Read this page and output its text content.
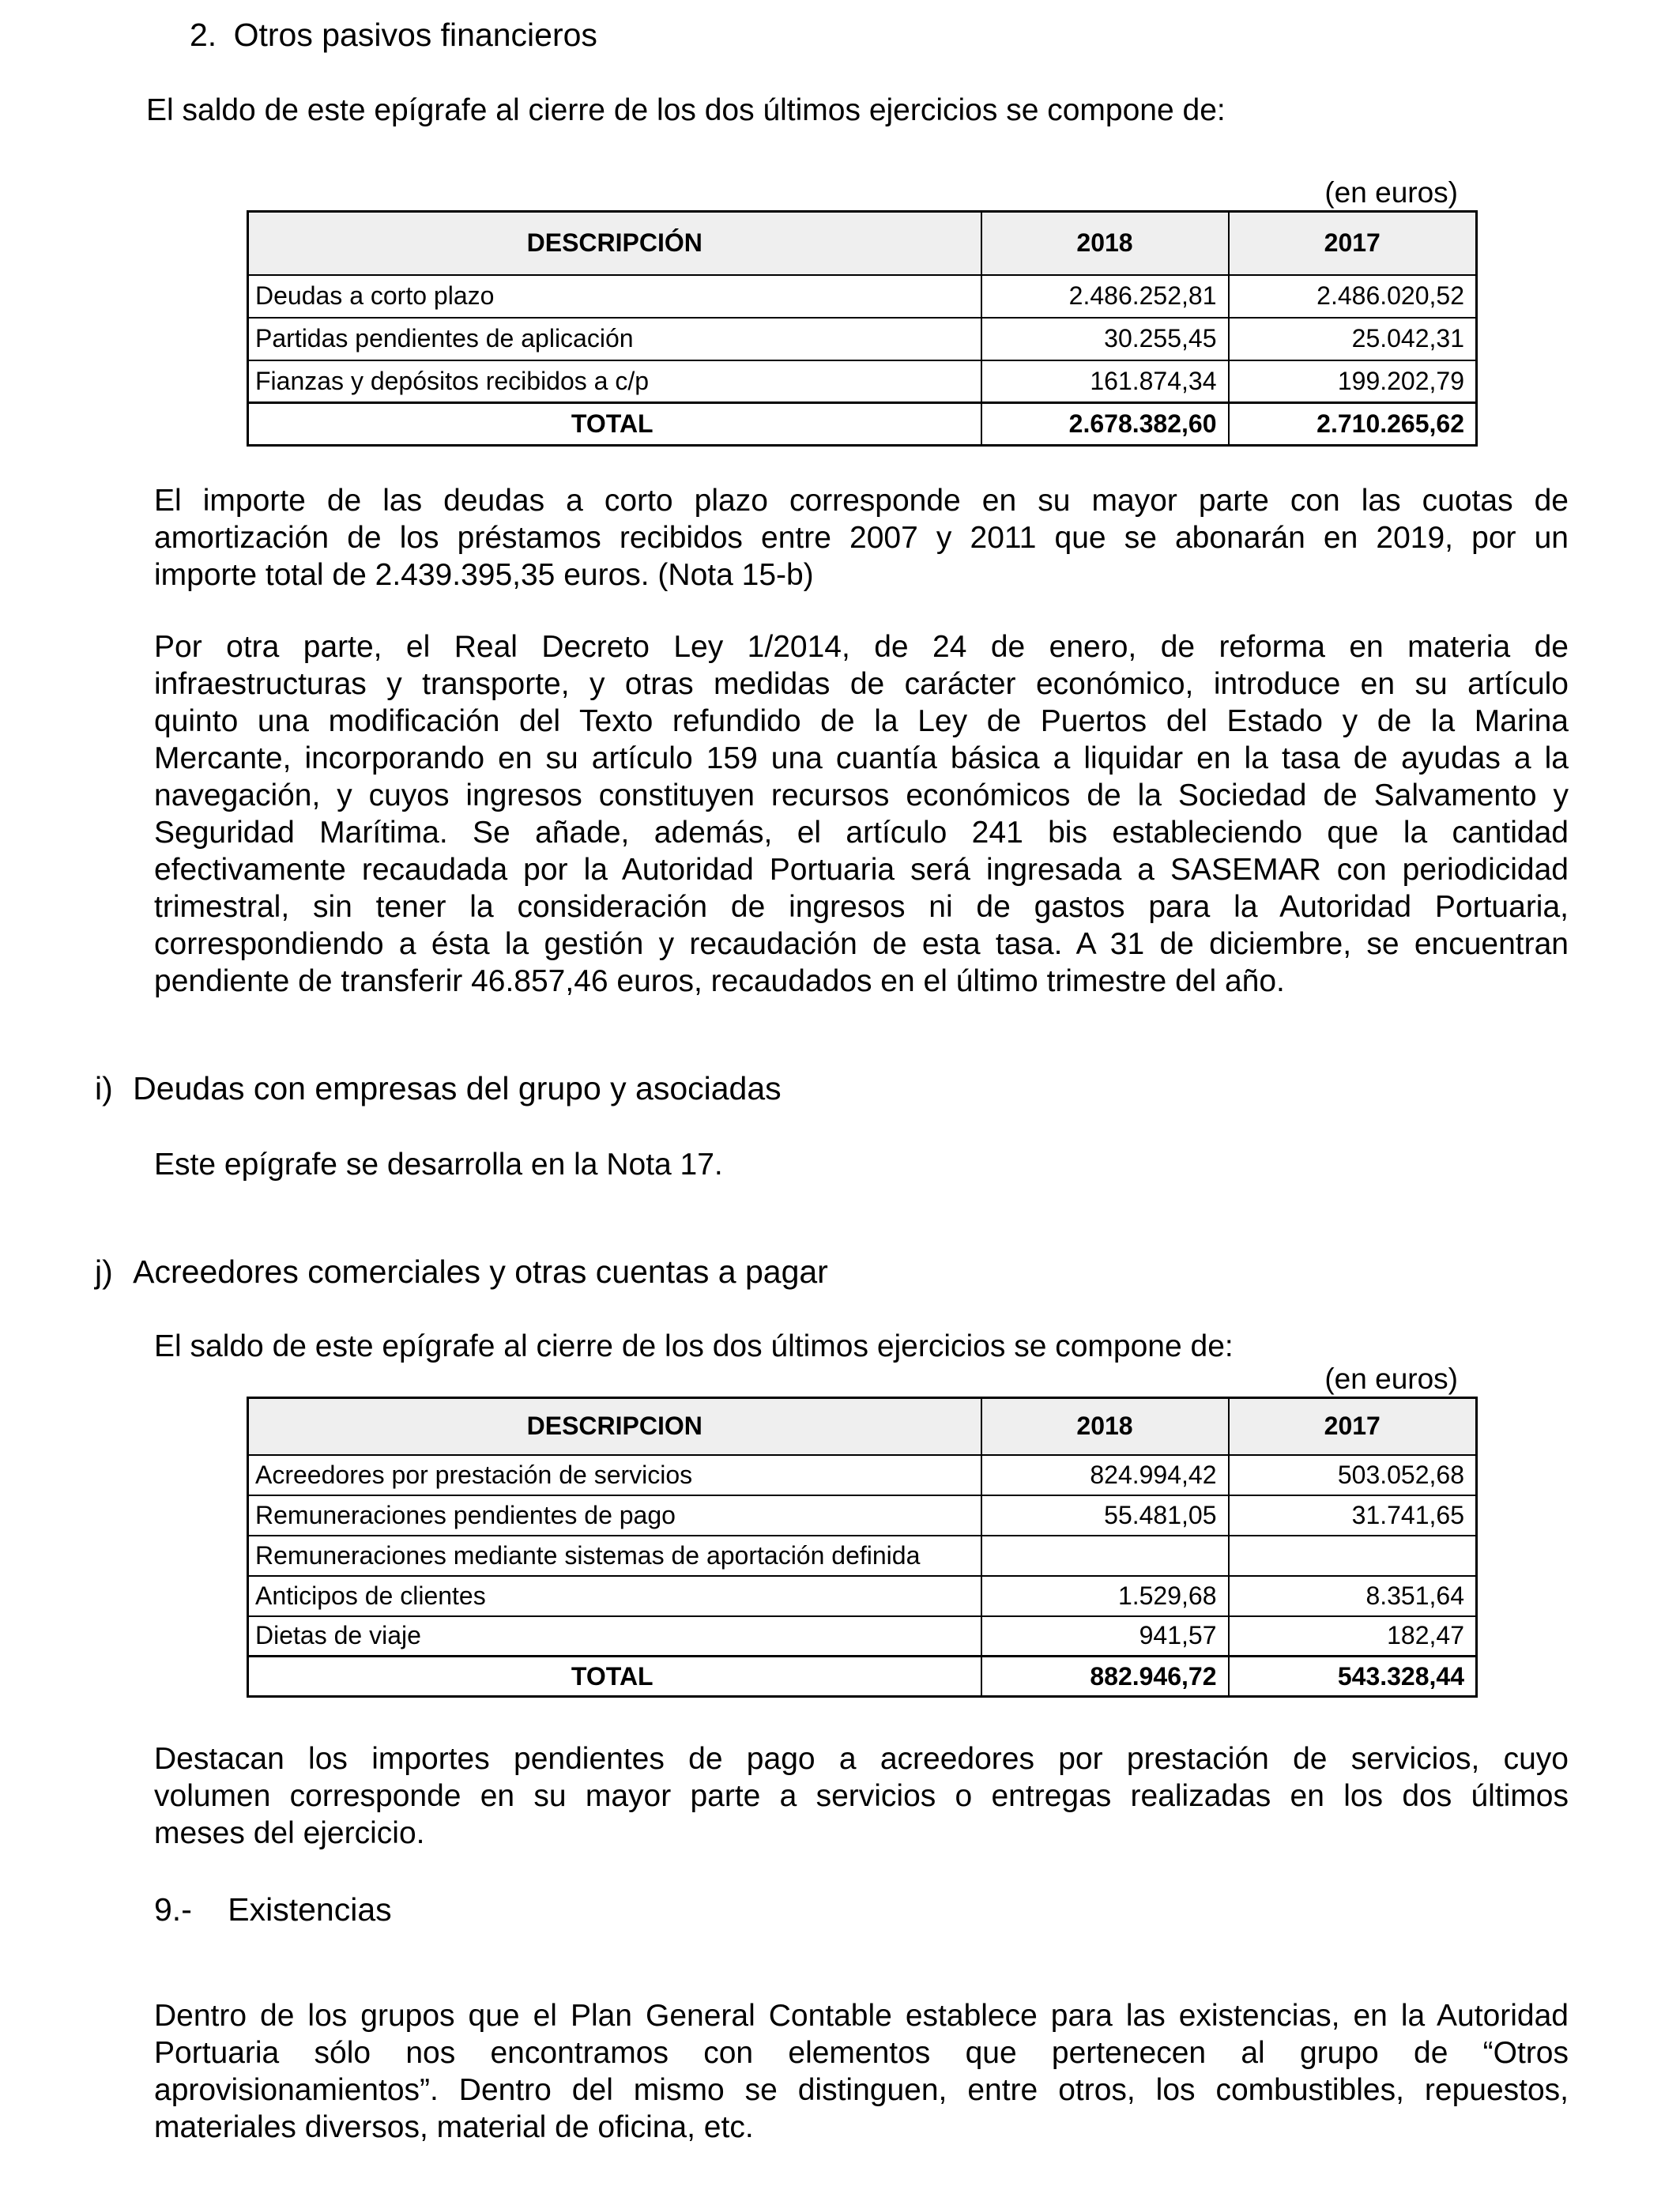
2. Otros pasivos financieros
El saldo de este epígrafe al cierre de los dos últimos ejercicios se compone de:
(en euros)
DESCRIPCIÓN	2018	2017
Deudas a corto plazo	2.486.252,81	2.486.020,52
Partidas pendientes de aplicación	30.255,45	25.042,31
Fianzas y depósitos recibidos a c/p	161.874,34	199.202,79
TOTAL	2.678.382,60	2.710.265,62
El importe de las deudas a corto plazo corresponde en su mayor parte con las cuotas de
amortización de los préstamos recibidos entre 2007 y 2011 que se abonarán en 2019, por un
importe total de 2.439.395,35 euros. (Nota 15-b)
Por otra parte, el Real Decreto Ley 1/2014, de 24 de enero, de reforma en materia de
infraestructuras y transporte, y otras medidas de carácter económico, introduce en su artículo
quinto una modificación del Texto refundido de la Ley de Puertos del Estado y de la Marina
Mercante, incorporando en su artículo 159 una cuantía básica a liquidar en la tasa de ayudas a la
navegación, y cuyos ingresos constituyen recursos económicos de la Sociedad de Salvamento y
Seguridad Marítima. Se añade, además, el artículo 241 bis estableciendo que la cantidad
efectivamente recaudada por la Autoridad Portuaria será ingresada a SASEMAR con periodicidad
trimestral, sin tener la consideración de ingresos ni de gastos para la Autoridad Portuaria,
correspondiendo a ésta la gestión y recaudación de esta tasa. A 31 de diciembre, se encuentran
pendiente de transferir 46.857,46 euros, recaudados en el último trimestre del año.
i) Deudas con empresas del grupo y asociadas
Este epígrafe se desarrolla en la Nota 17.
j) Acreedores comerciales y otras cuentas a pagar
El saldo de este epígrafe al cierre de los dos últimos ejercicios se compone de:
(en euros)
DESCRIPCION	2018	2017
Acreedores por prestación de servicios	824.994,42	503.052,68
Remuneraciones pendientes de pago	55.481,05	31.741,65
Remuneraciones mediante sistemas de aportación definida		
Anticipos de clientes	1.529,68	8.351,64
Dietas de viaje	941,57	182,47
TOTAL	882.946,72	543.328,44
Destacan los importes pendientes de pago a acreedores por prestación de servicios, cuyo
volumen corresponde en su mayor parte a servicios o entregas realizadas en los dos últimos
meses del ejercicio.
9.- Existencias
Dentro de los grupos que el Plan General Contable establece para las existencias, en la Autoridad
Portuaria sólo nos encontramos con elementos que pertenecen al grupo de “Otros
aprovisionamientos”. Dentro del mismo se distinguen, entre otros, los combustibles, repuestos,
materiales diversos, material de oficina, etc.
